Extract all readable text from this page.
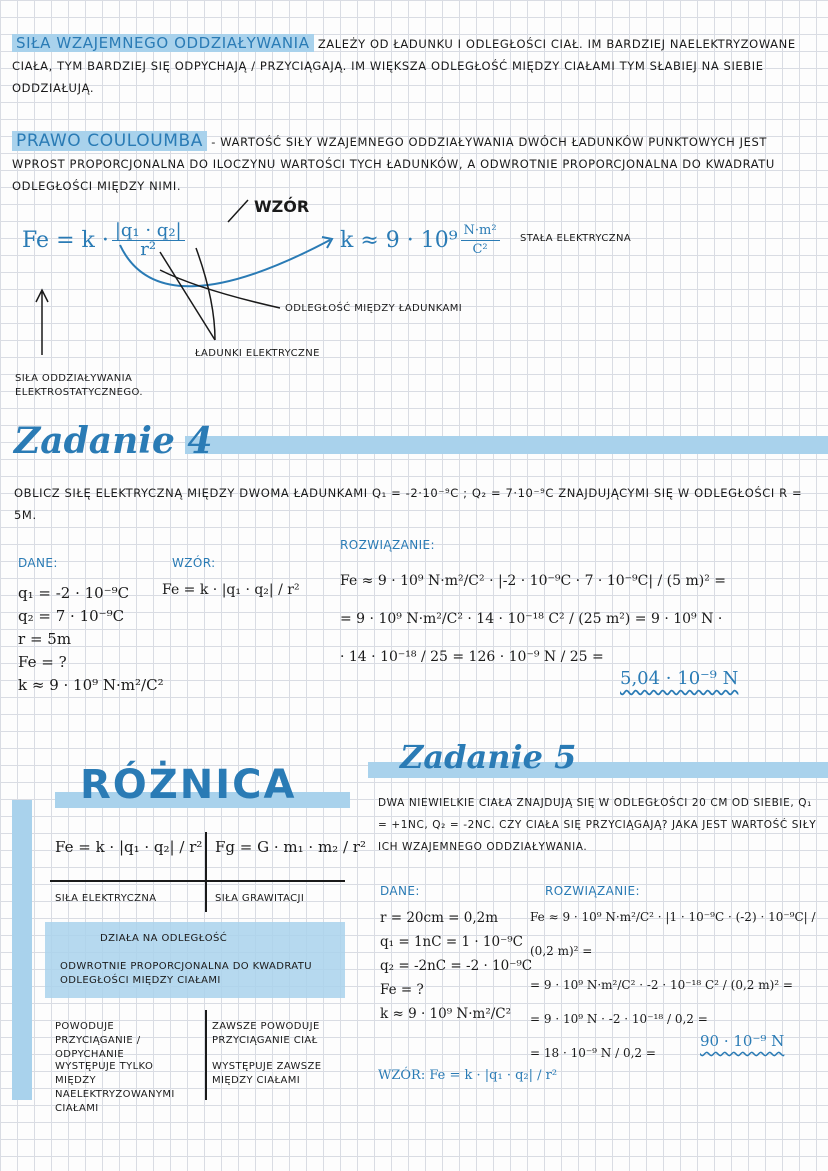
SIŁA WZAJEMNEGO ODDZIAŁYWANIA ZALEŻY OD ŁADUNKU I ODLEGŁOŚCI CIAŁ. IM BARDZIEJ NAELEKTRYZOWANE CIAŁA, TYM BARDZIEJ SIĘ ODPYCHAJĄ / PRZYCIĄGAJĄ. IM WIĘKSZA ODLEGŁOŚĆ MIĘDZY CIAŁAMI TYM SŁABIEJ NA SIEBIE ODDZIAŁUJĄ.
PRAWO COULOUMBA - WARTOŚĆ SIŁY WZAJEMNEGO ODDZIAŁYWANIA DWÓCH ŁADUNKÓW PUNKTOWYCH JEST WPROST PROPORCJONALNA DO ILOCZYNU WARTOŚCI TYCH ŁADUNKÓW, A ODWROTNIE PROPORCJONALNA DO KWADRATU ODLEGŁOŚCI MIĘDZY NIMI.
WZÓR
$Fe = k \cdot \frac{\text{|q₁ · q₂|}}{\text{r²}}$	$k \approx 9 \cdot 10^9 \frac{\text{N·m²}}{\text{C²}}$ STAŁA ELEKTRYCZNA
ODLEGŁOŚĆ MIĘDZY ŁADUNKAMI
ŁADUNKI ELEKTRYCZNE
SIŁA ODDZIAŁYWANIA ELEKTROSTATYCZNEGO.
Zadanie 4
OBLICZ SIŁĘ ELEKTRYCZNĄ MIĘDZY DWOMA ŁADUNKAMI Q₁ = -2·10⁻⁹C ; Q₂ = 7·10⁻⁹C ZNAJDUJĄCYMI SIĘ W ODLEGŁOŚCI R = 5M.
DANE:
q₁ = -2 · 10⁻⁹C
q₂ = 7 · 10⁻⁹C
r = 5m
Fe = ?
k ≈ 9 · 10⁹ N·m²/C²
WZÓR:
Fe = k · |q₁ · q₂| / r²
ROZWIĄZANIE:
Fe ≈ 9 · 10⁹ N·m²/C² · |-2 · 10⁻⁹C · 7 · 10⁻⁹C| / (5 m)² =
= 9 · 10⁹ N·m²/C² · 14 · 10⁻¹⁸ C² / (25 m²) = 9 · 10⁹ N ·
· 14 · 10⁻¹⁸ / 25 = 126 · 10⁻⁹ N / 25 =
5,04 · 10⁻⁹ N
RÓŻNICA
Fe = k · |q₁ · q₂| / r² Fg = G · m₁ · m₂ / r²
SIŁA ELEKTRYCZNA	SIŁA GRAWITACJI
DZIAŁA NA ODLEGŁOŚĆ
ODWROTNIE PROPORCJONALNA DO KWADRATU ODLEGŁOŚCI MIĘDZY CIAŁAMI
POWODUJE PRZYCIĄGANIE / ODPYCHANIE
ZAWSZE POWODUJE PRZYCIĄGANIE CIAŁ
WYSTĘPUJE TYLKO MIĘDZY NAELEKTRYZOWANYMI CIAŁAMI
WYSTĘPUJE ZAWSZE MIĘDZY CIAŁAMI
Zadanie 5
DWA NIEWIELKIE CIAŁA ZNAJDUJĄ SIĘ W ODLEGŁOŚCI 20 CM OD SIEBIE, Q₁ = +1NC, Q₂ = -2NC. CZY CIAŁA SIĘ PRZYCIĄGAJĄ? JAKA JEST WARTOŚĆ SIŁY ICH WZAJEMNEGO ODDZIAŁYWANIA.
DANE:
r = 20cm = 0,2m
q₁ = 1nC = 1 · 10⁻⁹C
q₂ = -2nC = -2 · 10⁻⁹C
Fe = ?
k ≈ 9 · 10⁹ N·m²/C²
WZÓR: Fe = k · |q₁ · q₂| / r²
ROZWIĄZANIE:
Fe ≈ 9 · 10⁹ N·m²/C² · |1 · 10⁻⁹C · (-2) · 10⁻⁹C| / (0,2 m)² =
= 9 · 10⁹ N·m²/C² · -2 · 10⁻¹⁸ C² / (0,2 m)² =
= 9 · 10⁹ N · -2 · 10⁻¹⁸ / 0,2 =
= 18 · 10⁻⁹ N / 0,2 =
90 · 10⁻⁹ N
